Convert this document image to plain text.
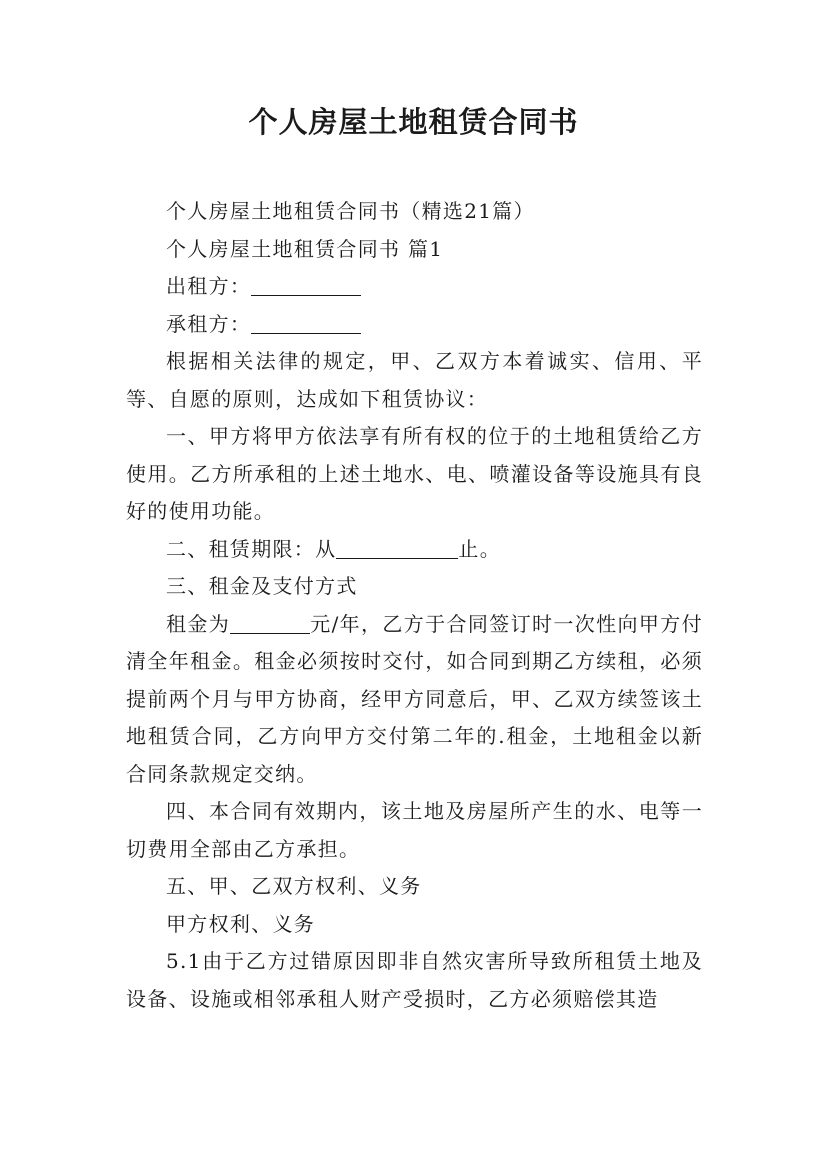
个人房屋土地租赁合同书

个人房屋土地租赁合同书（精选21篇）

个人房屋土地租赁合同书 篇1

出租方：

承租方：

根据相关法律的规定，甲、乙双方本着诚实、信用、平等、自愿的原则，达成如下租赁协议：

一、甲方将甲方依法享有所有权的位于的土地租赁给乙方使用。乙方所承租的上述土地水、电、喷灌设备等设施具有良好的使用功能。

二、租赁期限：从	止。

三、租金及支付方式

租金为	元/年，乙方于合同签订时一次性向甲方付清全年租金。租金必须按时交付，如合同到期乙方续租，必须提前两个月与甲方协商，经甲方同意后，甲、乙双方续签该土地租赁合同，乙方向甲方交付第二年的.租金，土地租金以新合同条款规定交纳。

四、本合同有效期内，该土地及房屋所产生的水、电等一切费用全部由乙方承担。

五、甲、乙双方权利、义务

甲方权利、义务

5.1由于乙方过错原因即非自然灾害所导致所租赁土地及设备、设施或相邻承租人财产受损时，乙方必须赔偿其造
